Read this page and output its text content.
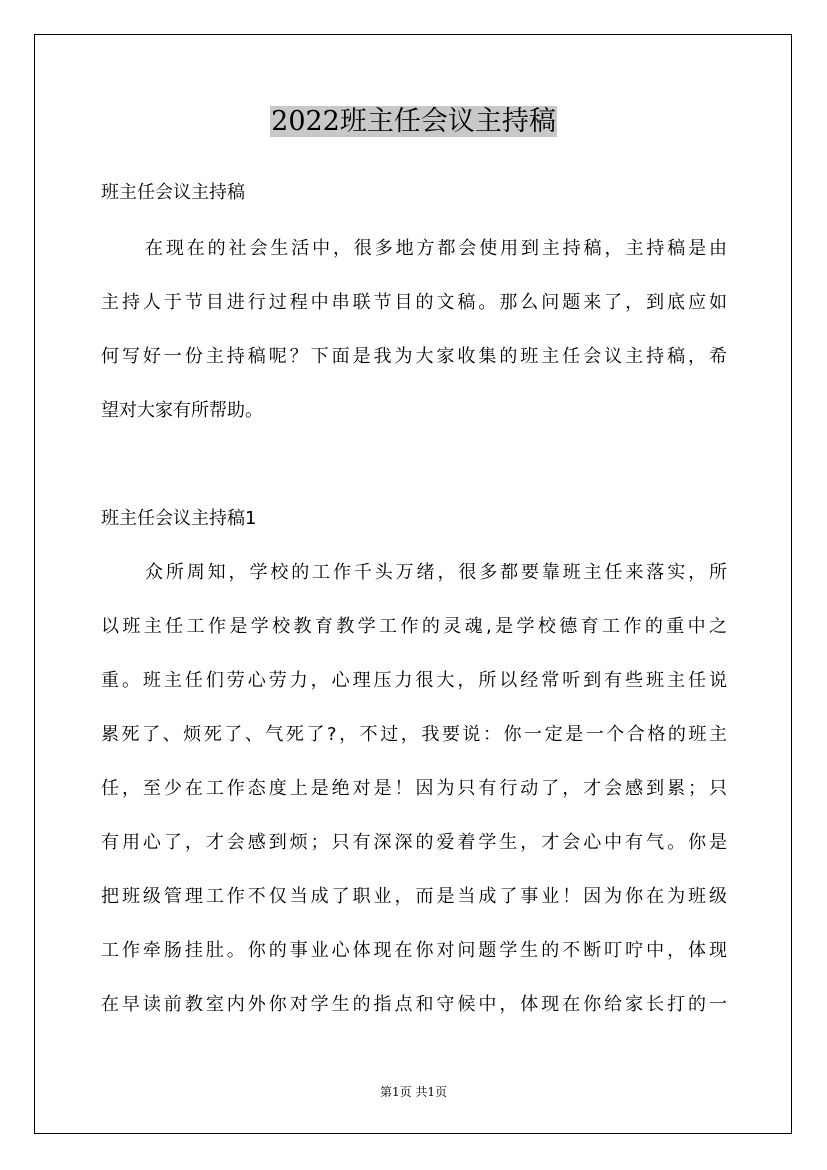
2022班主任会议主持稿
班主任会议主持稿
在现在的社会生活中，很多地方都会使用到主持稿，主持稿是由
主持人于节目进行过程中串联节目的文稿。那么问题来了，到底应如
何写好一份主持稿呢？下面是我为大家收集的班主任会议主持稿，希
望对大家有所帮助。
班主任会议主持稿1
众所周知，学校的工作千头万绪，很多都要靠班主任来落实，所
以班主任工作是学校教育教学工作的灵魂,是学校德育工作的重中之
重。班主任们劳心劳力，心理压力很大，所以经常听到有些班主任说
累死了、烦死了、气死了?，不过，我要说：你一定是一个合格的班主
任，至少在工作态度上是绝对是！因为只有行动了，才会感到累；只
有用心了，才会感到烦；只有深深的爱着学生，才会心中有气。你是
把班级管理工作不仅当成了职业，而是当成了事业！因为你在为班级
工作牵肠挂肚。你的事业心体现在你对问题学生的不断叮咛中，体现
在早读前教室内外你对学生的指点和守候中，体现在你给家长打的一
第1页 共1页
